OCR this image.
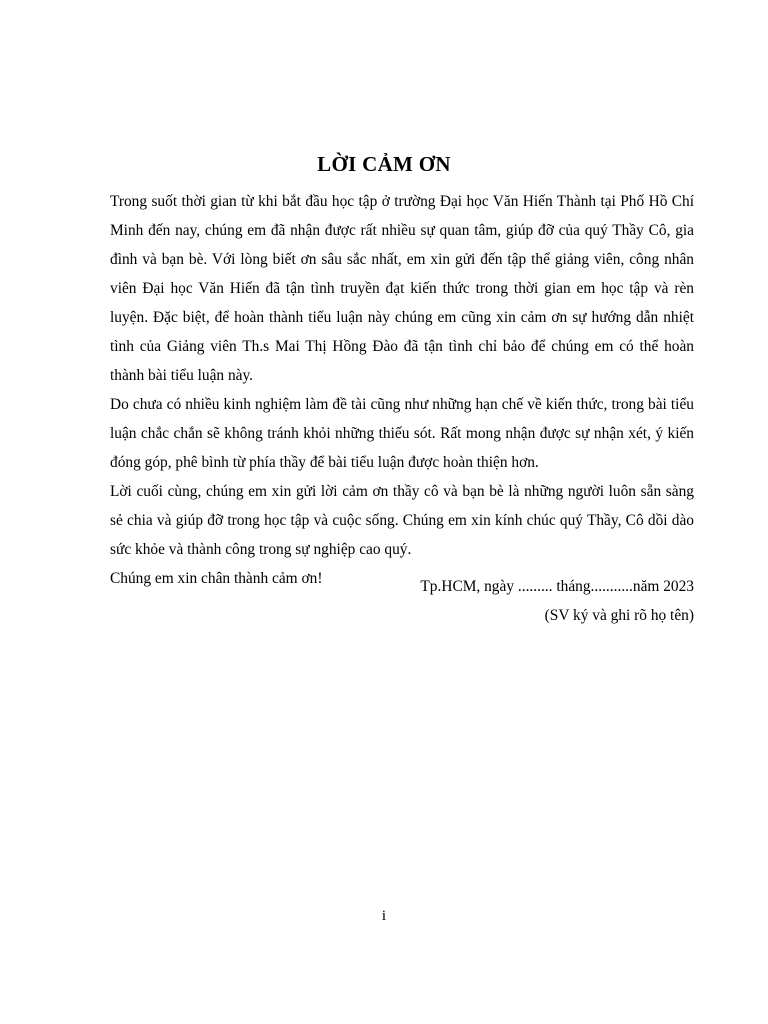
LỜI CẢM ƠN

Trong suốt thời gian từ khi bắt đầu học tập ở trường Đại học Văn Hiến Thành tại Phố Hồ Chí Minh đến nay, chúng em đã nhận được rất nhiều sự quan tâm, giúp đỡ của quý Thầy Cô, gia đình và bạn bè. Với lòng biết ơn sâu sắc nhất, em xin gửi đến tập thể giảng viên, công nhân viên Đại học Văn Hiến đã tận tình truyền đạt kiến thức trong thời gian em học tập và rèn luyện. Đặc biệt, để hoàn thành tiểu luận này chúng em cũng xin cảm ơn sự hướng dẫn nhiệt tình của Giảng viên Th.s Mai Thị Hồng Đào đã tận tình chỉ bảo để chúng em có thể hoàn thành bài tiểu luận này.

Do chưa có nhiều kinh nghiệm làm đề tài cũng như những hạn chế về kiến thức, trong bài tiểu luận chắc chắn sẽ không tránh khỏi những thiếu sót. Rất mong nhận được sự nhận xét, ý kiến đóng góp, phê bình từ phía thầy để bài tiểu luận được hoàn thiện hơn.

Lời cuối cùng, chúng em xin gửi lời cảm ơn thầy cô và bạn bè là những người luôn sẵn sàng sẻ chia và giúp đỡ trong học tập và cuộc sống. Chúng em xin kính chúc quý Thầy, Cô dồi dào sức khỏe và thành công trong sự nghiệp cao quý.

Chúng em xin chân thành cảm ơn!	Tp.HCM, ngày ......... tháng...........năm 2023
(SV ký và ghi rõ họ tên)
i
